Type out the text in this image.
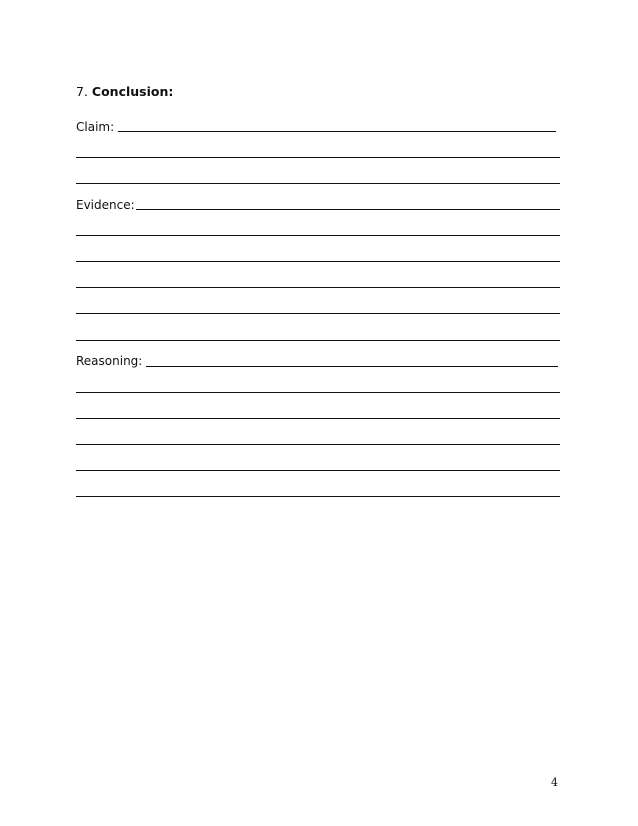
7. Conclusion:
Claim:
Evidence:
Reasoning:
4
